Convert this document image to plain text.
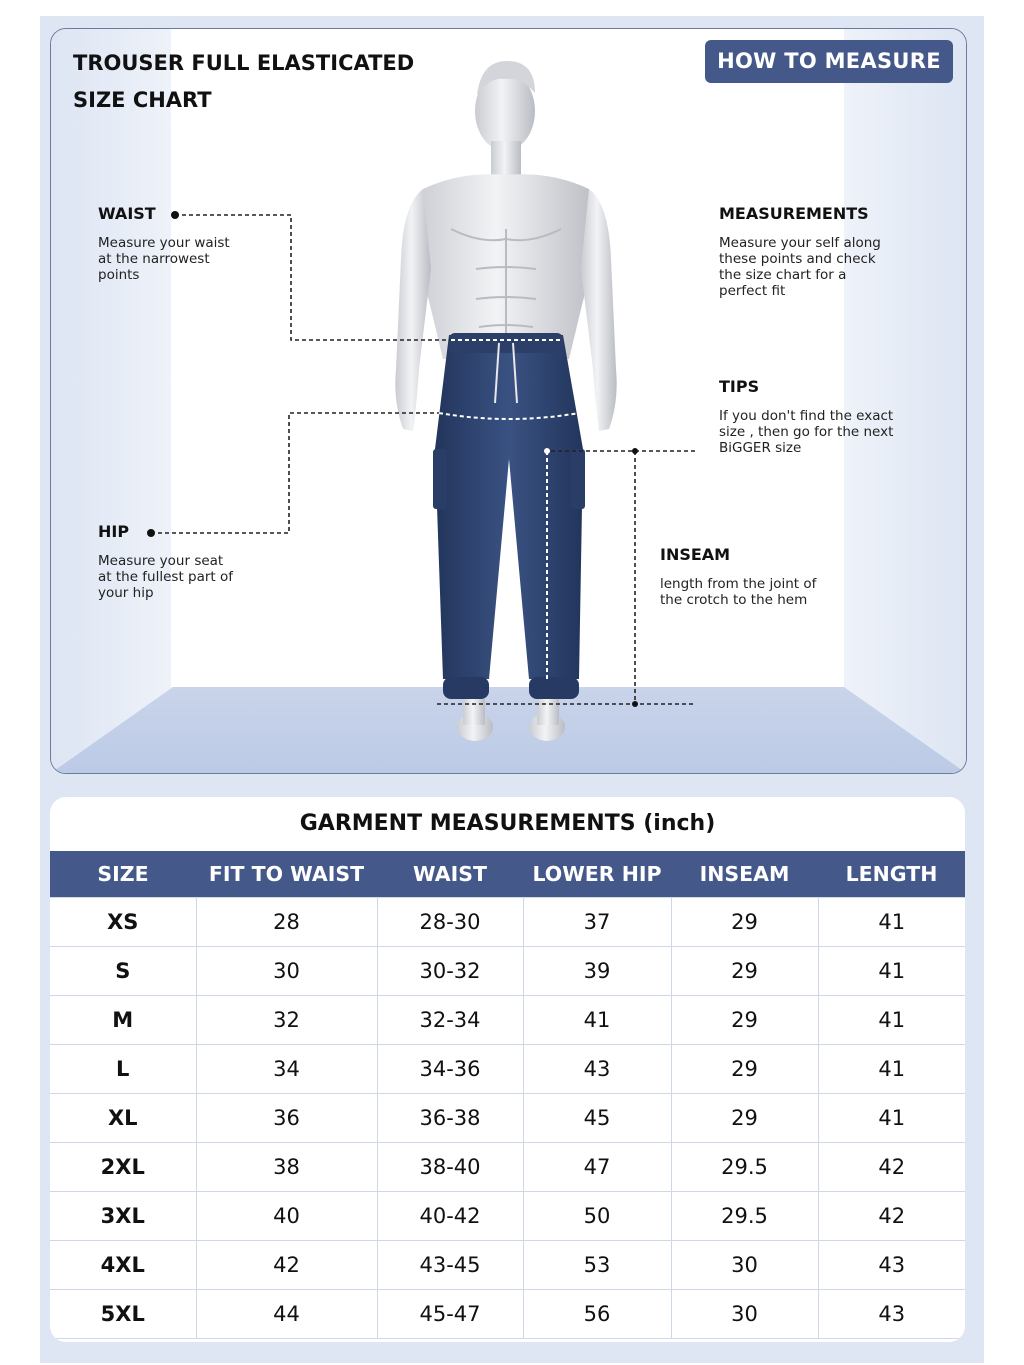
TROUSER FULL ELASTICATED
SIZE CHART
HOW TO MEASURE
WAIST
Measure your waist
at the narrowest
points
HIP
Measure your seat
at the fullest part of
your hip
MEASUREMENTS
Measure your self along
these points and check
the size chart for a
perfect fit
TIPS
If you don't find the exact
size , then go for the next
BiGGER size
INSEAM
length from the joint of
the crotch to the hem
GARMENT MEASUREMENTS (inch)
SIZE	FIT TO WAIST	WAIST	LOWER HIP	INSEAM	LENGTH
XS	28	28-30	37	29	41
S	30	30-32	39	29	41
M	32	32-34	41	29	41
L	34	34-36	43	29	41
XL	36	36-38	45	29	41
2XL	38	38-40	47	29.5	42
3XL	40	40-42	50	29.5	42
4XL	42	43-45	53	30	43
5XL	44	45-47	56	30	43
